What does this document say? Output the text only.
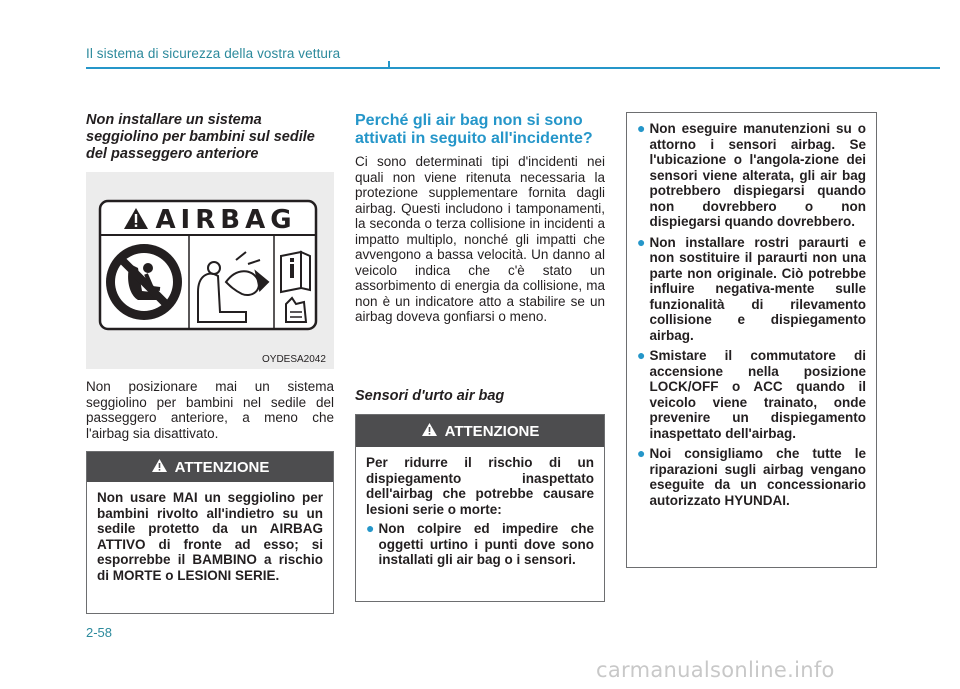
Il sistema di sicurezza della vostra vettura
Non installare un sistema seggiolino per bambini sul sedile del passeggero anteriore
AIRBAG
OYDESA2042
Non posizionare mai un sistema seggiolino per bambini nel sedile del passeggero anteriore, a meno che l'airbag sia disattivato.
ATTENZIONE
Non usare MAI un seggiolino per bambini rivolto all'indietro su un sedile protetto da un AIRBAG ATTIVO di fronte ad esso; si esporrebbe il BAMBINO a rischio di MORTE o LESIONI SERIE.
Perché gli air bag non si sono attivati in seguito all'incidente?
Ci sono determinati tipi d'incidenti nei quali non viene ritenuta necessaria la protezione supplementare fornita dagli airbag. Questi includono i tamponamenti, la seconda o terza collisione in incidenti a impatto multiplo, nonché gli impatti che avvengono a bassa velocità. Un danno al veicolo indica che c'è stato un assorbimento di energia da collisione, ma non è un indicatore atto a stabilire se un airbag doveva gonfiarsi o meno.
Sensori d'urto air bag
ATTENZIONE
Per ridurre il rischio di un dispiegamento inaspettato dell'airbag che potrebbe causare lesioni serie o morte:
● Non colpire ed impedire che oggetti urtino i punti dove sono installati gli air bag o i sensori.
● Non eseguire manutenzioni su o attorno i sensori airbag. Se l'ubicazione o l'angola-zione dei sensori viene alterata, gli air bag potrebbero dispiegarsi quando non dovrebbero o non dispiegarsi quando dovrebbero.
● Non installare rostri paraurti e non sostituire il paraurti non una parte non originale. Ciò potrebbe influire negativa-mente sulle funzionalità di rilevamento collisione e dispiegamento airbag.
● Smistare il commutatore di accensione nella posizione LOCK/OFF o ACC quando il veicolo viene trainato, onde prevenire un dispiegamento inaspettato dell'airbag.
● Noi consigliamo che tutte le riparazioni sugli airbag vengano eseguite da un concessionario autorizzato HYUNDAI.
2-58
carmanualsonline.info
